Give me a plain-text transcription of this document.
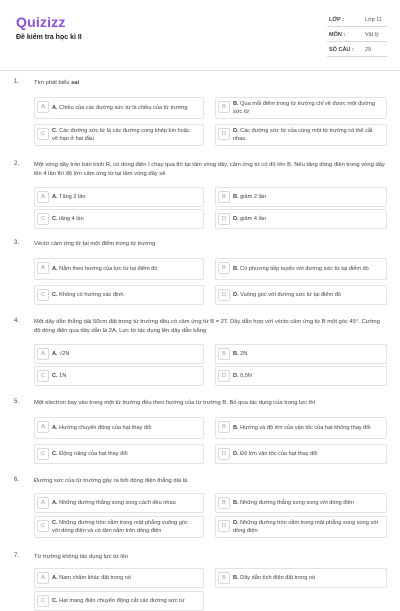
Quizizz
Đề kiểm tra học kì II
LỚP :	Lớp 11
MÔN :	Vật lý
SỐ CÂU : 29
1.	Tìm phát biểu sai
A	A. Chiều của các đường sức từ là chiều của từ trường	B	B. Qua mỗi điểm trong từ trường chỉ vẽ được một đường sức từ
C	C. Các đường sức từ là các đường cong khép kín hoặc vô hạn ở hai đầu
D	D. Các đường sức từ của cùng một từ trường có thể cắt nhau
2.	Một vòng dây tròn bán kính R, có dòng điện I chạy qua thì tại tâm vòng dây, cảm ứng từ có độ lớn B. Nếu tăng dòng điện trong vòng dây lên 4 lần thì độ lớn cảm ứng từ tại tâm vòng dây sẽ
A	A. Tăng 2 lần	B	B. giảm 2 lần
C	C. tăng 4 lần	D	D. giảm 4 lần
3.	Véctơ cảm ứng từ tại một điểm trong từ trường
A	A. Nằm theo hướng của lực từ tại điểm đó	B	B. Có phương tiếp tuyến với đường sức từ tại điểm đó
C	C. Không có hướng xác định.	D	D. Vuông góc với đường sức từ tại điểm đó
4.	Một dây dẫn thẳng dài 50cm đặt trong từ trường đều có cảm ứng từ B = 2T. Dây dẫn hợp với vécto cảm ứng từ B một góc 45°. Cường độ dòng điện qua dây dẫn là 2A. Lực từ tác dụng lên dây dẫn bằng
A	A. √2N	B	B. 2N
C	C. 1N	D	D. 0,5N
5.	Một electron bay vào trong một từ trường đều theo hướng của từ trường B. Bỏ qua tác dụng của trọng lực thì
A	A. Hướng chuyển động của hạt thay đổi	B	B. Hướng và độ lớn của vận tốc của hạt không thay đổi
C	C. Động năng của hạt thay đổi	D	D. Độ lớn vận tốc của hạt thay đổi
6.	Đường sức của từ trường gây ra bởi dòng điện thẳng dài là
A	A. Những đường thẳng song song cách đều nhau	B	B. Những đường thẳng song song với dòng điện
C	C. Những đường tròn nằm trong mặt phẳng vuông góc với dòng điện và có tâm nằm trên dòng điện
D	D. Những đường tròn nằm trong mặt phẳng song song với dòng điện
7.	Từ trường không tác dụng lực từ lên
A	A. Nam châm khác đặt trong nó	B	B. Dây dẫn tích điện đặt trong nó
C	C. Hạt mang điện chuyển động cắt các đường sức từ
